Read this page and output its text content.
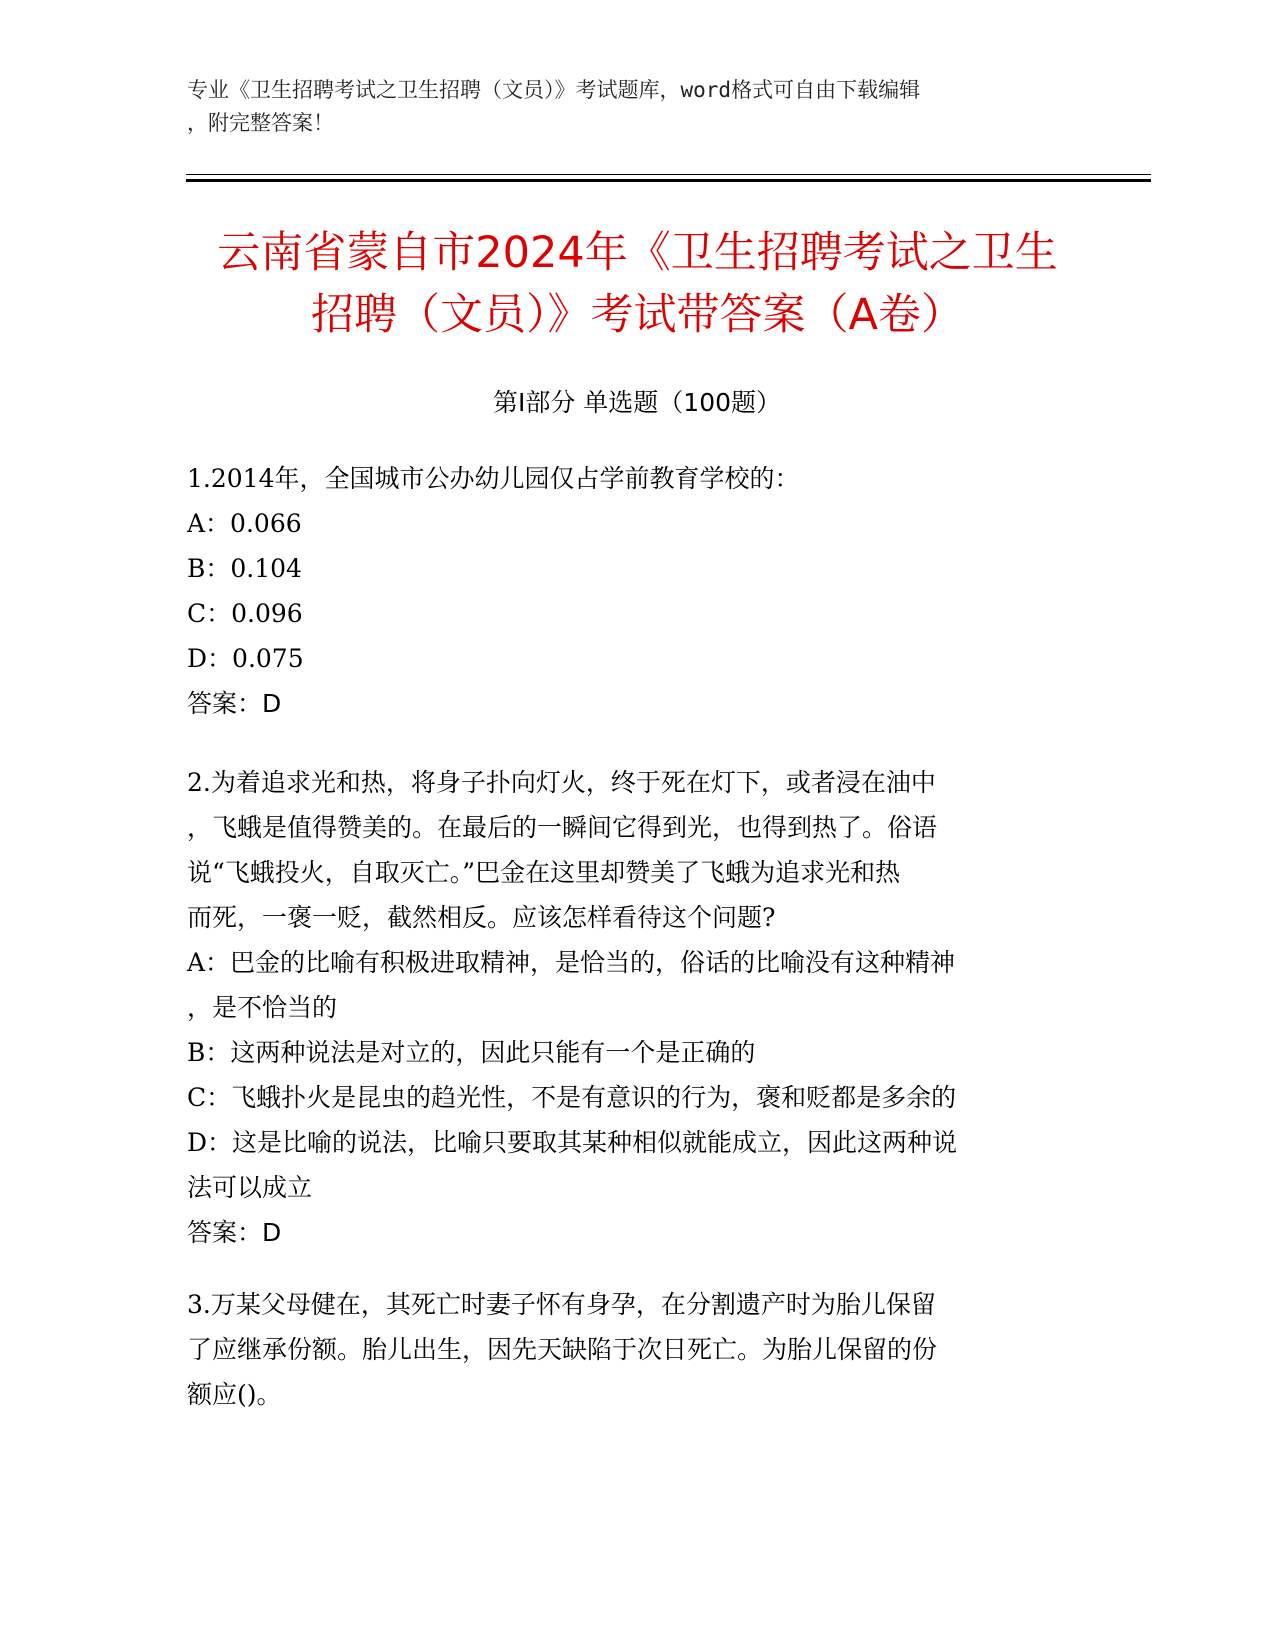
专业《卫生招聘考试之卫生招聘（文员）》考试题库，word格式可自由下载编辑
，附完整答案！
云南省蒙自市2024年《卫生招聘考试之卫生
招聘（文员）》考试带答案（A卷）
第Ⅰ部分 单选题（100题）
1.2014年，全国城市公办幼儿园仅占学前教育学校的：
A：0.066
B：0.104
C：0.096
D：0.075
答案：D
2.为着追求光和热，将身子扑向灯火，终于死在灯下，或者浸在油中
，飞蛾是值得赞美的。在最后的一瞬间它得到光，也得到热了。俗语
说“飞蛾投火，自取灭亡。”巴金在这里却赞美了飞蛾为追求光和热
而死，一褒一贬，截然相反。应该怎样看待这个问题?
A：巴金的比喻有积极进取精神，是恰当的，俗话的比喻没有这种精神
，是不恰当的
B：这两种说法是对立的，因此只能有一个是正确的
C：飞蛾扑火是昆虫的趋光性，不是有意识的行为，褒和贬都是多余的
D：这是比喻的说法，比喻只要取其某种相似就能成立，因此这两种说
法可以成立
答案：D
3.万某父母健在，其死亡时妻子怀有身孕，在分割遗产时为胎儿保留
了应继承份额。胎儿出生，因先天缺陷于次日死亡。为胎儿保留的份
额应()。
